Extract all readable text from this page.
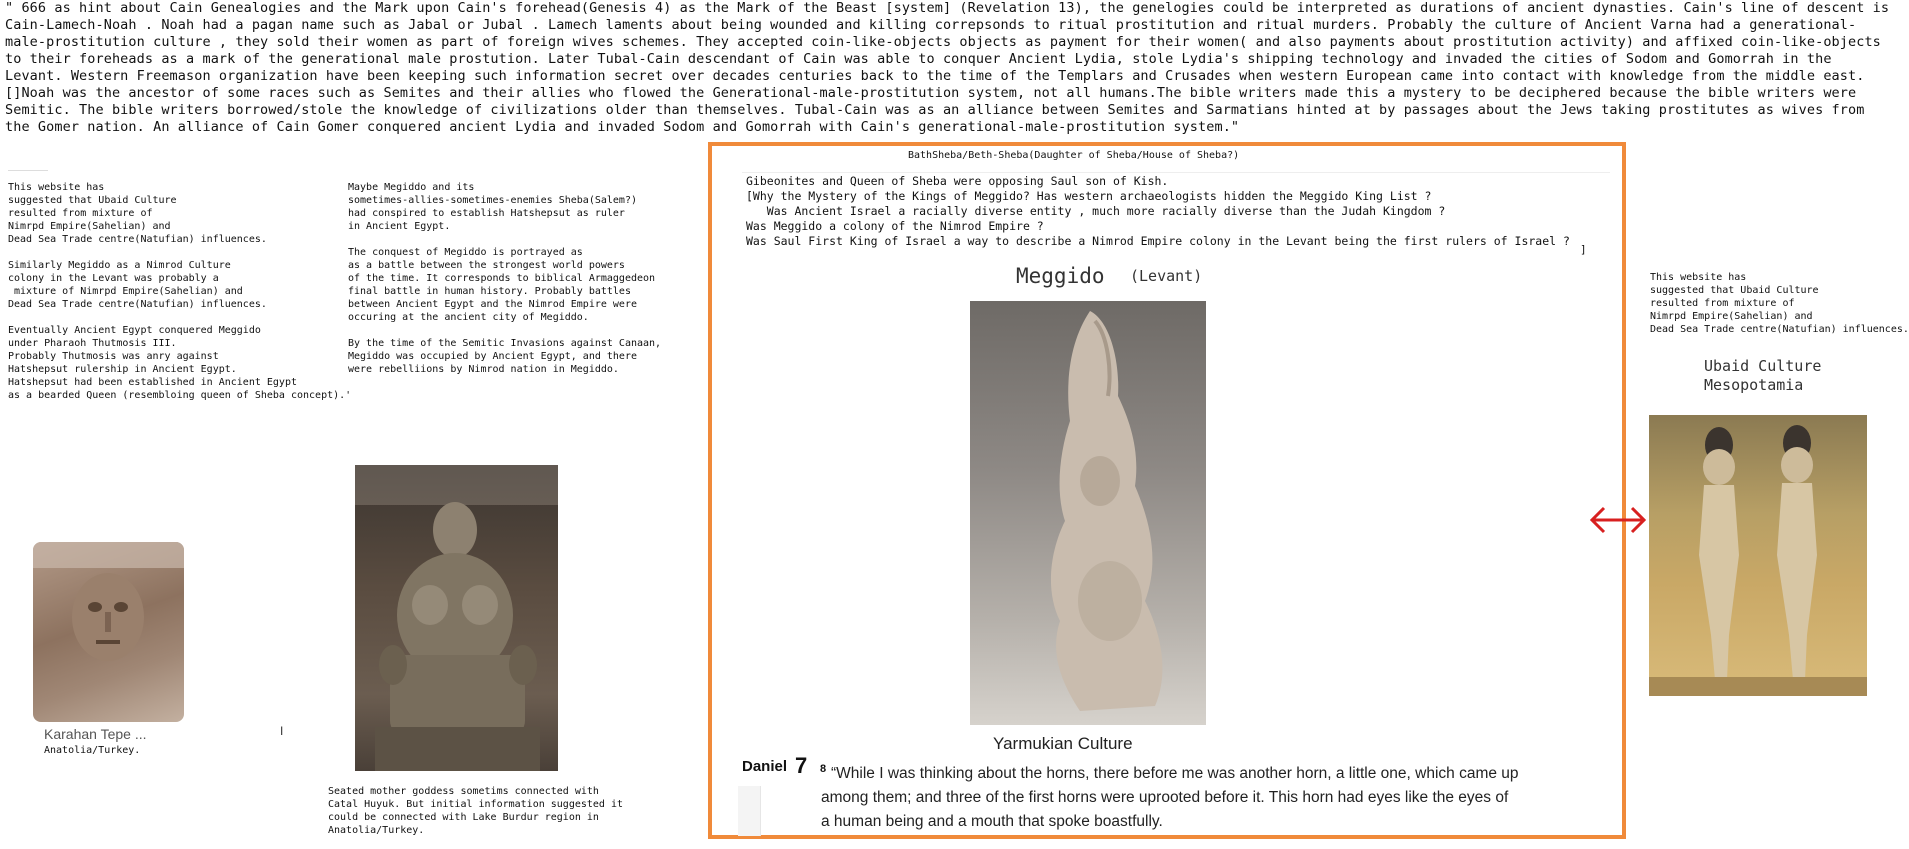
" 666 as hint about Cain Genealogies and the Mark upon Cain's forehead(Genesis 4) as the Mark of the Beast [system] (Revelation 13), the genelogies could be interpreted as durations of ancient dynasties. Cain's line of descent is Cain-Lamech-Noah . Noah had a pagan name such as Jabal or Jubal . Lamech laments about being wounded and killing correpsonds to ritual prostitution and ritual murders. Probably the culture of Ancient Varna had a generational-male-prostitution culture , they sold their women as part of foreign wives schemes. They accepted coin-like-objects objects as payment for their women( and also payments about prostitution activity) and affixed coin-like-objects to their foreheads as a mark of the generational male prostution. Later Tubal-Cain descendant of Cain was able to conquer Ancient Lydia, stole Lydia's shipping technology and invaded the cities of Sodom and Gomorrah in the Levant. Western Freemason organization have been keeping such information secret over decades centuries back to the time of the Templars and Crusades when western European came into contact with knowledge from the middle east. []Noah was the ancestor of some races such as Semites and their allies who flowed the Generational-male-prostitution system, not all humans.The bible writers made this a mystery to be deciphered because the bible writers were Semitic. The bible writers borrowed/stole the knowledge of civilizations older than themselves. Tubal-Cain was as an alliance between Semites and Sarmatians hinted at by passages about the Jews taking prostitutes as wives from the Gomer nation. An alliance of Cain Gomer conquered ancient Lydia and invaded Sodom and Gomorrah with Cain's generational-male-prostitution system."
This website has
suggested that Ubaid Culture
resulted from mixture of
Nimrpd Empire(Sahelian) and
Dead Sea Trade centre(Natufian) influences.

Similarly Megiddo as a Nimrod Culture
colony in the Levant was probably a
mixture of Nimrpd Empire(Sahelian) and
Dead Sea Trade centre(Natufian) influences.

Eventually Ancient Egypt conquered Meggido
under Pharaoh Thutmosis III.
Probably Thutmosis was anry against
Hatshepsut rulership in Ancient Egypt.
Hatshepsut had been established in Ancient Egypt
as a bearded Queen (resembloing queen of Sheba concept).'
Maybe Megiddo and its
sometimes-allies-sometimes-enemies Sheba(Salem?)
had conspired to establish Hatshepsut as ruler
in Ancient Egypt.

The conquest of Megiddo is portrayed as
as a battle between the strongest world powers
of the time. It corresponds to biblical Armaggedeon
final battle in human history. Probably battles
between Ancient Egypt and the Nimrod Empire were
occuring at the ancient city of Megiddo.

By the time of the Semitic Invasions against Canaan,
Megiddo was occupied by Ancient Egypt, and there
were rebelliions by Nimrod nation in Megiddo.
Karahan Tepe ...
Anatolia/Turkey.
I
Seated mother goddess sometims connected with
Catal Huyuk. But initial information suggested it
could be connected with Lake Burdur region in
Anatolia/Turkey.
BathSheba/Beth-Sheba(Daughter of Sheba/House of Sheba?)
Gibeonites and Queen of Sheba were opposing Saul son of Kish.
[Why the Mystery of the Kings of Meggido? Has western archaeologists hidden the Meggido King List ?
Was Ancient Israel a racially diverse entity , much more racially diverse than the Judah Kingdom ?
Was Meggido a colony of the Nimrod Empire ?
Was Saul First King of Israel a way to describe a Nimrod Empire colony in the Levant being the first rulers of Israel ?
]
Meggido (Levant)
Yarmukian Culture
Daniel 7 8 “While I was thinking about the horns, there before me was another horn, a little one, which came up among them; and three of the first horns were uprooted before it. This horn had eyes like the eyes of a human being and a mouth that spoke boastfully.
This website has
suggested that Ubaid Culture
resulted from mixture of
Nimrpd Empire(Sahelian) and
Dead Sea Trade centre(Natufian) influences.
Ubaid Culture
Mesopotamia
